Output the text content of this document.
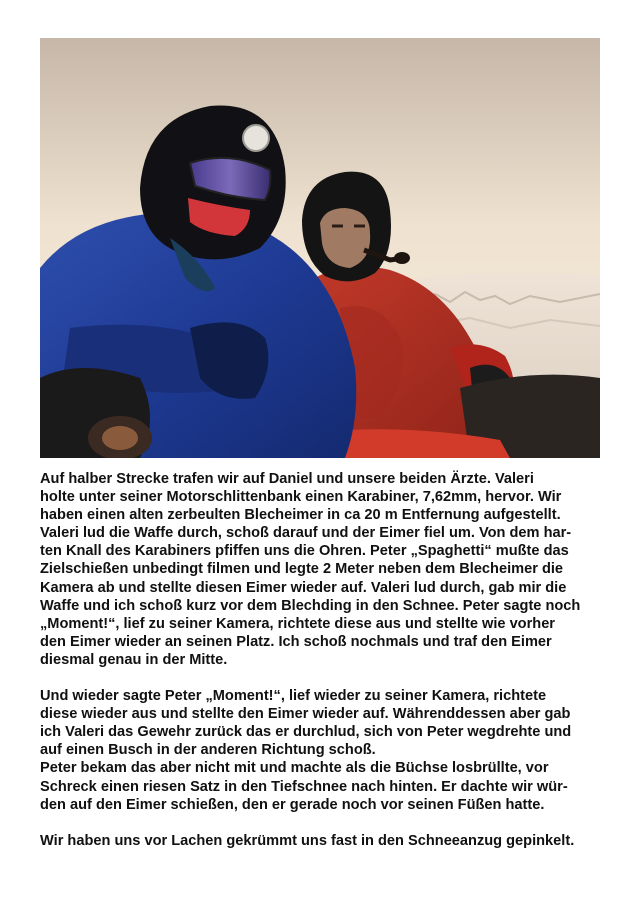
Auf halber Strecke trafen wir auf Daniel und unsere beiden Ärzte. Valeri
holte unter seiner Motorschlittenbank einen Karabiner, 7,62mm, hervor. Wir
haben einen alten zerbeulten Blecheimer in ca 20 m Entfernung aufgestellt.
Valeri lud die Waffe durch, schoß darauf und der Eimer fiel um. Von dem har-
ten Knall des Karabiners pfiffen uns die Ohren. Peter „Spaghetti“ mußte das
Zielschießen unbedingt filmen und legte 2 Meter neben dem Blecheimer die
Kamera ab und stellte diesen Eimer wieder auf. Valeri lud durch, gab mir die
Waffe und ich schoß kurz vor dem Blechding in den Schnee. Peter sagte noch
„Moment!“, lief zu seiner Kamera, richtete diese aus und stellte wie vorher
den Eimer wieder an seinen Platz. Ich schoß nochmals und traf den Eimer
diesmal genau in der Mitte.

Und wieder sagte Peter „Moment!“, lief wieder zu seiner Kamera, richtete
diese wieder aus und stellte den Eimer wieder auf. Währenddessen aber gab
ich Valeri das Gewehr zurück das er durchlud, sich von Peter wegdrehte und
auf einen Busch in der anderen Richtung schoß.
Peter bekam das aber nicht mit und machte als die Büchse losbrüllte, vor
Schreck einen riesen Satz in den Tiefschnee nach hinten. Er dachte wir wür-
den auf den Eimer schießen, den er gerade noch vor seinen Füßen hatte.

Wir haben uns vor Lachen gekrümmt uns fast in den Schneeanzug gepinkelt.
